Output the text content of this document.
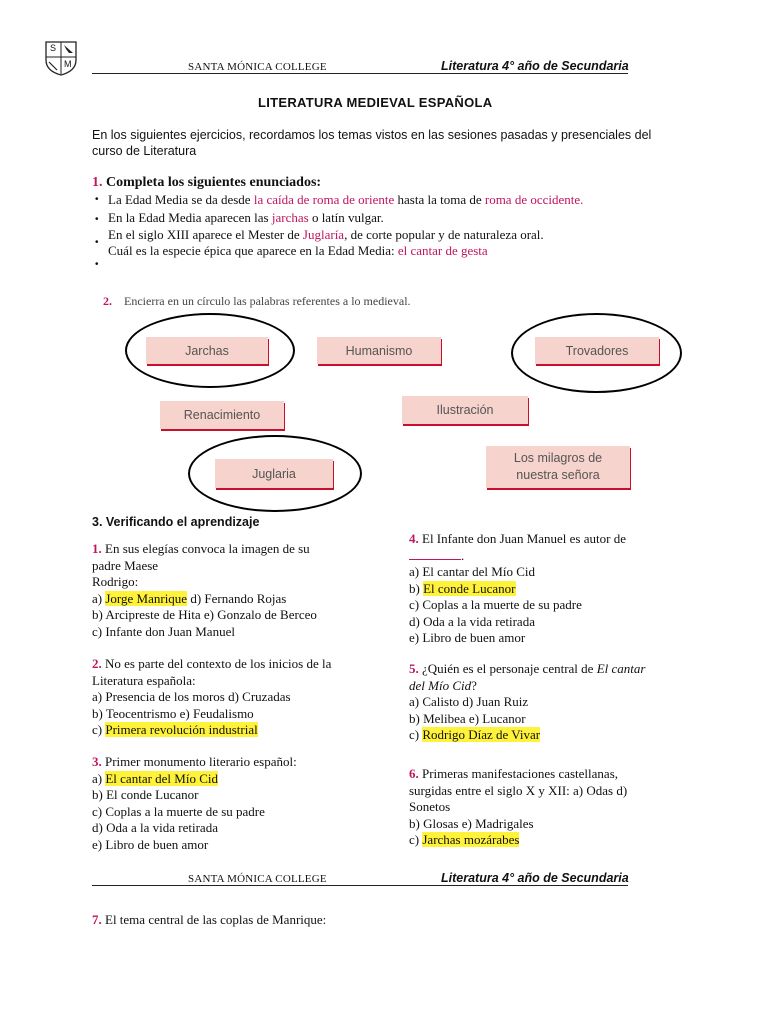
S
M	SANTA MÓNICA COLLEGE	Literatura 4° año de Secundaria
LITERATURA MEDIEVAL ESPAÑOLA
En los siguientes ejercicios, recordamos los temas vistos en las sesiones pasadas y presenciales del curso de Literatura
1. Completa los siguientes enunciados:
•
•
•
•
La Edad Media se da desde la caída de roma de oriente hasta la toma de roma de occidente.
En la Edad Media aparecen las jarchas o latín vulgar.
En el siglo XIII aparece el Mester de Juglaría, de corte popular y de naturaleza oral.
Cuál es la especie épica que aparece en la Edad Media: el cantar de gesta
2. Encierra en un círculo las palabras referentes a lo medieval.
Jarchas	Humanismo	Trovadores
Renacimiento	Ilustración
Juglaria
Los milagros de nuestra señora
3. Verificando el aprendizaje
1. En sus elegías convoca la imagen de su
padre Maese
Rodrigo:
a) Jorge Manrique d) Fernando Rojas
b) Arcipreste de Hita e) Gonzalo de Berceo
c) Infante don Juan Manuel
2. No es parte del contexto de los inicios de la
Literatura española:
a) Presencia de los moros d) Cruzadas
b) Teocentrismo e) Feudalismo
c) Primera revolución industrial
3. Primer monumento literario español:
a) El cantar del Mío Cid
b) El conde Lucanor
c) Coplas a la muerte de su padre
d) Oda a la vida retirada
e) Libro de buen amor
4. El Infante don Juan Manuel es autor de
.
a) El cantar del Mío Cid
b) El conde Lucanor
c) Coplas a la muerte de su padre
d) Oda a la vida retirada
e) Libro de buen amor
5. ¿Quién es el personaje central de El cantar
del Mío Cid?
a) Calisto d) Juan Ruiz
b) Melibea e) Lucanor
c) Rodrigo Díaz de Vivar
6. Primeras manifestaciones castellanas,
surgidas entre el siglo X y XII: a) Odas d)
Sonetos
b) Glosas e) Madrigales
c) Jarchas mozárabes
SANTA MÓNICA COLLEGE	Literatura 4° año de Secundaria
7. El tema central de las coplas de Manrique:
